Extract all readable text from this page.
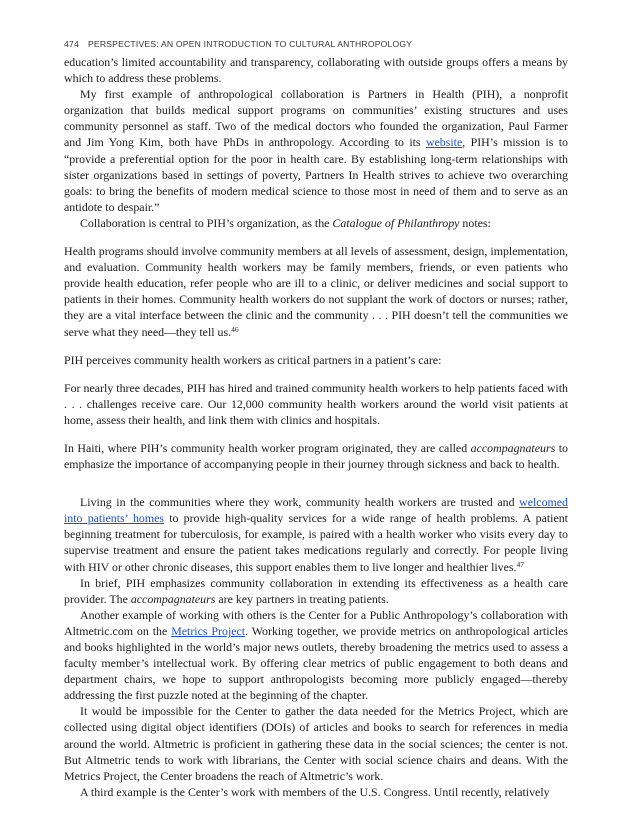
474 PERSPECTIVES: AN OPEN INTRODUCTION TO CULTURAL ANTHROPOLOGY

education’s limited accountability and transparency, collaborating with outside groups offers a means by which to address these problems.

My first example of anthropological collaboration is Partners in Health (PIH), a nonprofit organization that builds medical support programs on communities’ existing structures and uses community personnel as staff. Two of the medical doctors who founded the organization, Paul Farmer and Jim Yong Kim, both have PhDs in anthropology. According to its website, PIH’s mission is to “provide a preferential option for the poor in health care. By establishing long-term relationships with sister organizations based in settings of poverty, Partners In Health strives to achieve two overarching goals: to bring the benefits of modern medical science to those most in need of them and to serve as an antidote to despair.”

Collaboration is central to PIH’s organization, as the Catalogue of Philanthropy notes:

Health programs should involve community members at all levels of assessment, design, implementation, and evaluation. Community health workers may be family members, friends, or even patients who provide health education, refer people who are ill to a clinic, or deliver medicines and social support to patients in their homes. Community health workers do not supplant the work of doctors or nurses; rather, they are a vital interface between the clinic and the community . . . PIH doesn’t tell the communities we serve what they need—they tell us.$^{46}$

PIH perceives community health workers as critical partners in a patient’s care:

For nearly three decades, PIH has hired and trained community health workers to help patients faced with . . . challenges receive care. Our 12,000 community health workers around the world visit patients at home, assess their health, and link them with clinics and hospitals.

In Haiti, where PIH’s community health worker program originated, they are called accompagnateurs to emphasize the importance of accompanying people in their journey through sickness and back to health.

Living in the communities where they work, community health workers are trusted and welcomed into patients’ homes to provide high-quality services for a wide range of health problems. A patient beginning treatment for tuberculosis, for example, is paired with a health worker who visits every day to supervise treatment and ensure the patient takes medications regularly and correctly. For people living with HIV or other chronic diseases, this support enables them to live longer and healthier lives.$^{47}$

In brief, PIH emphasizes community collaboration in extending its effectiveness as a health care provider. The accompagnateurs are key partners in treating patients.

Another example of working with others is the Center for a Public Anthropology’s collaboration with Altmetric.com on the Metrics Project. Working together, we provide metrics on anthropological articles and books highlighted in the world’s major news outlets, thereby broadening the metrics used to assess a faculty member’s intellectual work. By offering clear metrics of public engagement to both deans and department chairs, we hope to support anthropologists becoming more publicly engaged—thereby addressing the first puzzle noted at the beginning of the chapter.

It would be impossible for the Center to gather the data needed for the Metrics Project, which are collected using digital object identifiers (DOIs) of articles and books to search for references in media around the world. Altmetric is proficient in gathering these data in the social sciences; the center is not. But Altmetric tends to work with librarians, the Center with social science chairs and deans. With the Metrics Project, the Center broadens the reach of Altmetric’s work.

A third example is the Center’s work with members of the U.S. Congress. Until recently, relatively
